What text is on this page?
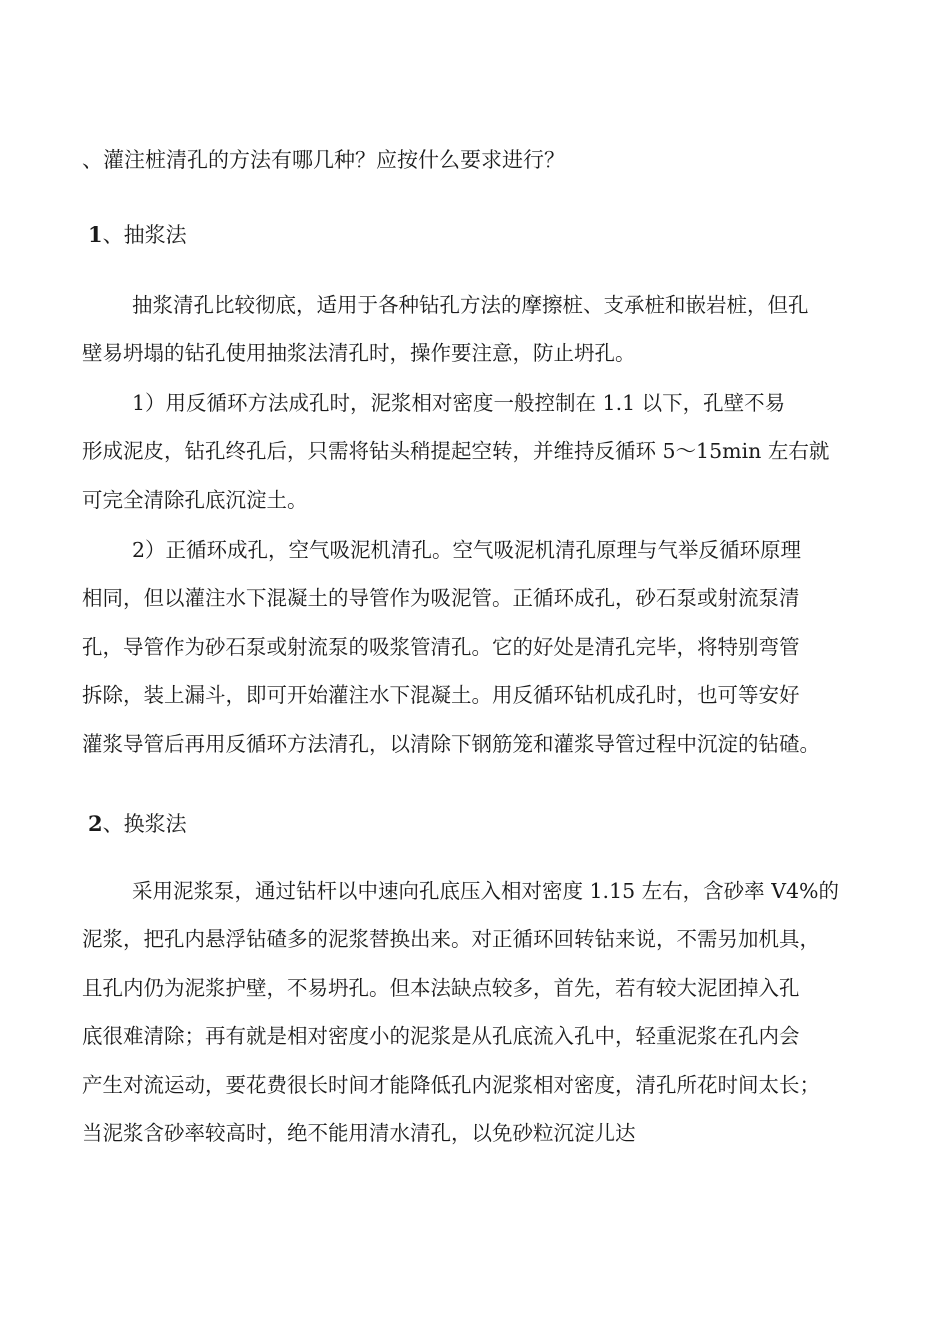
、灌注桩清孔的方法有哪几种？应按什么要求进行？
1、抽浆法
抽浆清孔比较彻底，适用于各种钻孔方法的摩擦桩、支承桩和嵌岩桩，但孔
壁易坍塌的钻孔使用抽浆法清孔时，操作要注意，防止坍孔。
1）用反循环方法成孔时，泥浆相对密度一般控制在 1.1 以下，孔壁不易
形成泥皮，钻孔终孔后，只需将钻头稍提起空转，并维持反循环 5〜15min 左右就
可完全清除孔底沉淀土。
2）正循环成孔，空气吸泥机清孔。空气吸泥机清孔原理与气举反循环原理
相同，但以灌注水下混凝土的导管作为吸泥管。正循环成孔，砂石泵或射流泵清
孔，导管作为砂石泵或射流泵的吸浆管清孔。它的好处是清孔完毕，将特别弯管
拆除，装上漏斗，即可开始灌注水下混凝土。用反循环钻机成孔时，也可等安好
灌浆导管后再用反循环方法清孔，以清除下钢筋笼和灌浆导管过程中沉淀的钻碴。
2、换浆法
采用泥浆泵，通过钻杆以中速向孔底压入相对密度 1.15 左右，含砂率 V4%的
泥浆，把孔内悬浮钻碴多的泥浆替换出来。对正循环回转钻来说，不需另加机具，
且孔内仍为泥浆护壁，不易坍孔。但本法缺点较多，首先，若有较大泥团掉入孔
底很难清除；再有就是相对密度小的泥浆是从孔底流入孔中，轻重泥浆在孔内会
产生对流运动，要花费很长时间才能降低孔内泥浆相对密度，清孔所花时间太长；
当泥浆含砂率较高时，绝不能用清水清孔，以免砂粒沉淀儿达
